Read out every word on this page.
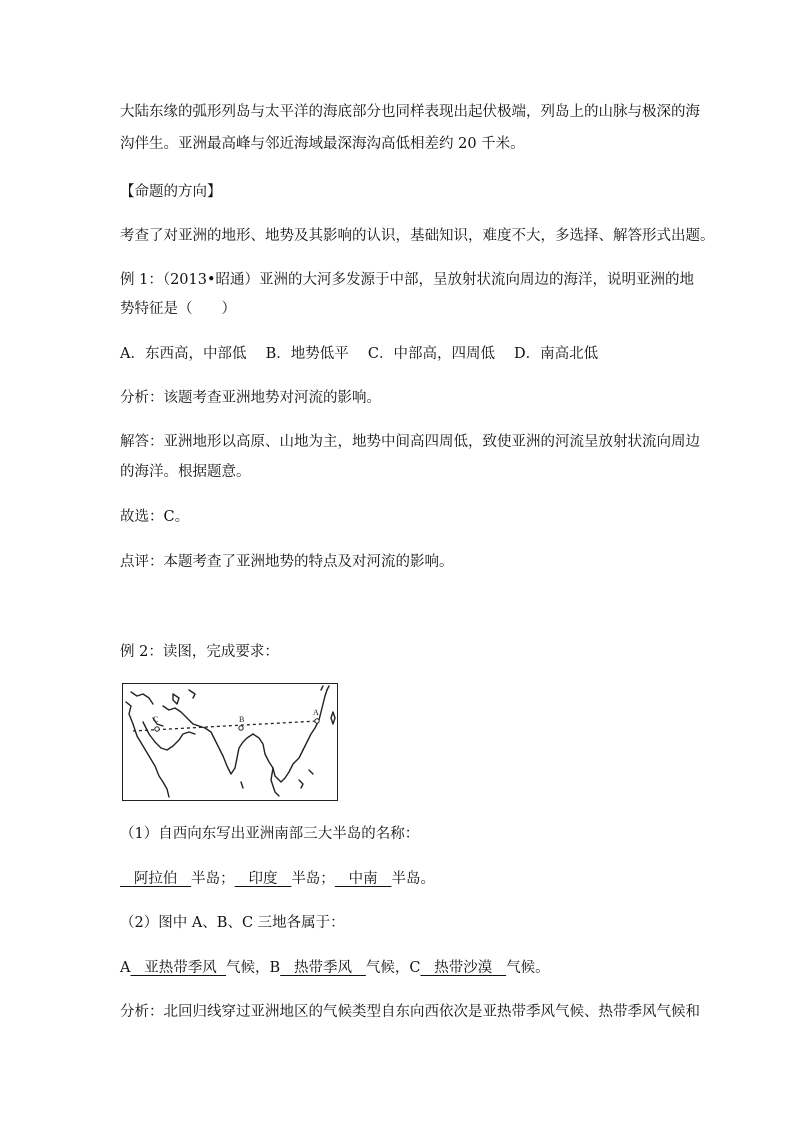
大陆东缘的弧形列岛与太平洋的海底部分也同样表现出起伏极端，列岛上的山脉与极深的海
沟伴生。亚洲最高峰与邻近海域最深海沟高低相差约 20 千米。
【命题的方向】
考查了对亚洲的地形、地势及其影响的认识，基础知识，难度不大，多选择、解答形式出题。
例 1：（2013•昭通）亚洲的大河多发源于中部，呈放射状流向周边的海洋，说明亚洲的地
势特征是（　　）
A．东西高，中部低　 B．地势低平　 C．中部高，四周低　 D．南高北低
分析：该题考查亚洲地势对河流的影响。
解答：亚洲地形以高原、山地为主，地势中间高四周低，致使亚洲的河流呈放射状流向周边
的海洋。根据题意。
故选：C。
点评：本题考查了亚洲地势的特点及对河流的影响。
例 2：读图，完成要求：
C	B
A
（1）自西向东写出亚洲南部三大半岛的名称：
阿拉伯   半岛；   印度   半岛；   中南   半岛。
（2）图中 A、B、C 三地各属于：
A   亚热带季风  气候，B   热带季风   气候，C   热带沙漠   气候。
分析：北回归线穿过亚洲地区的气候类型自东向西依次是亚热带季风气候、热带季风气候和
